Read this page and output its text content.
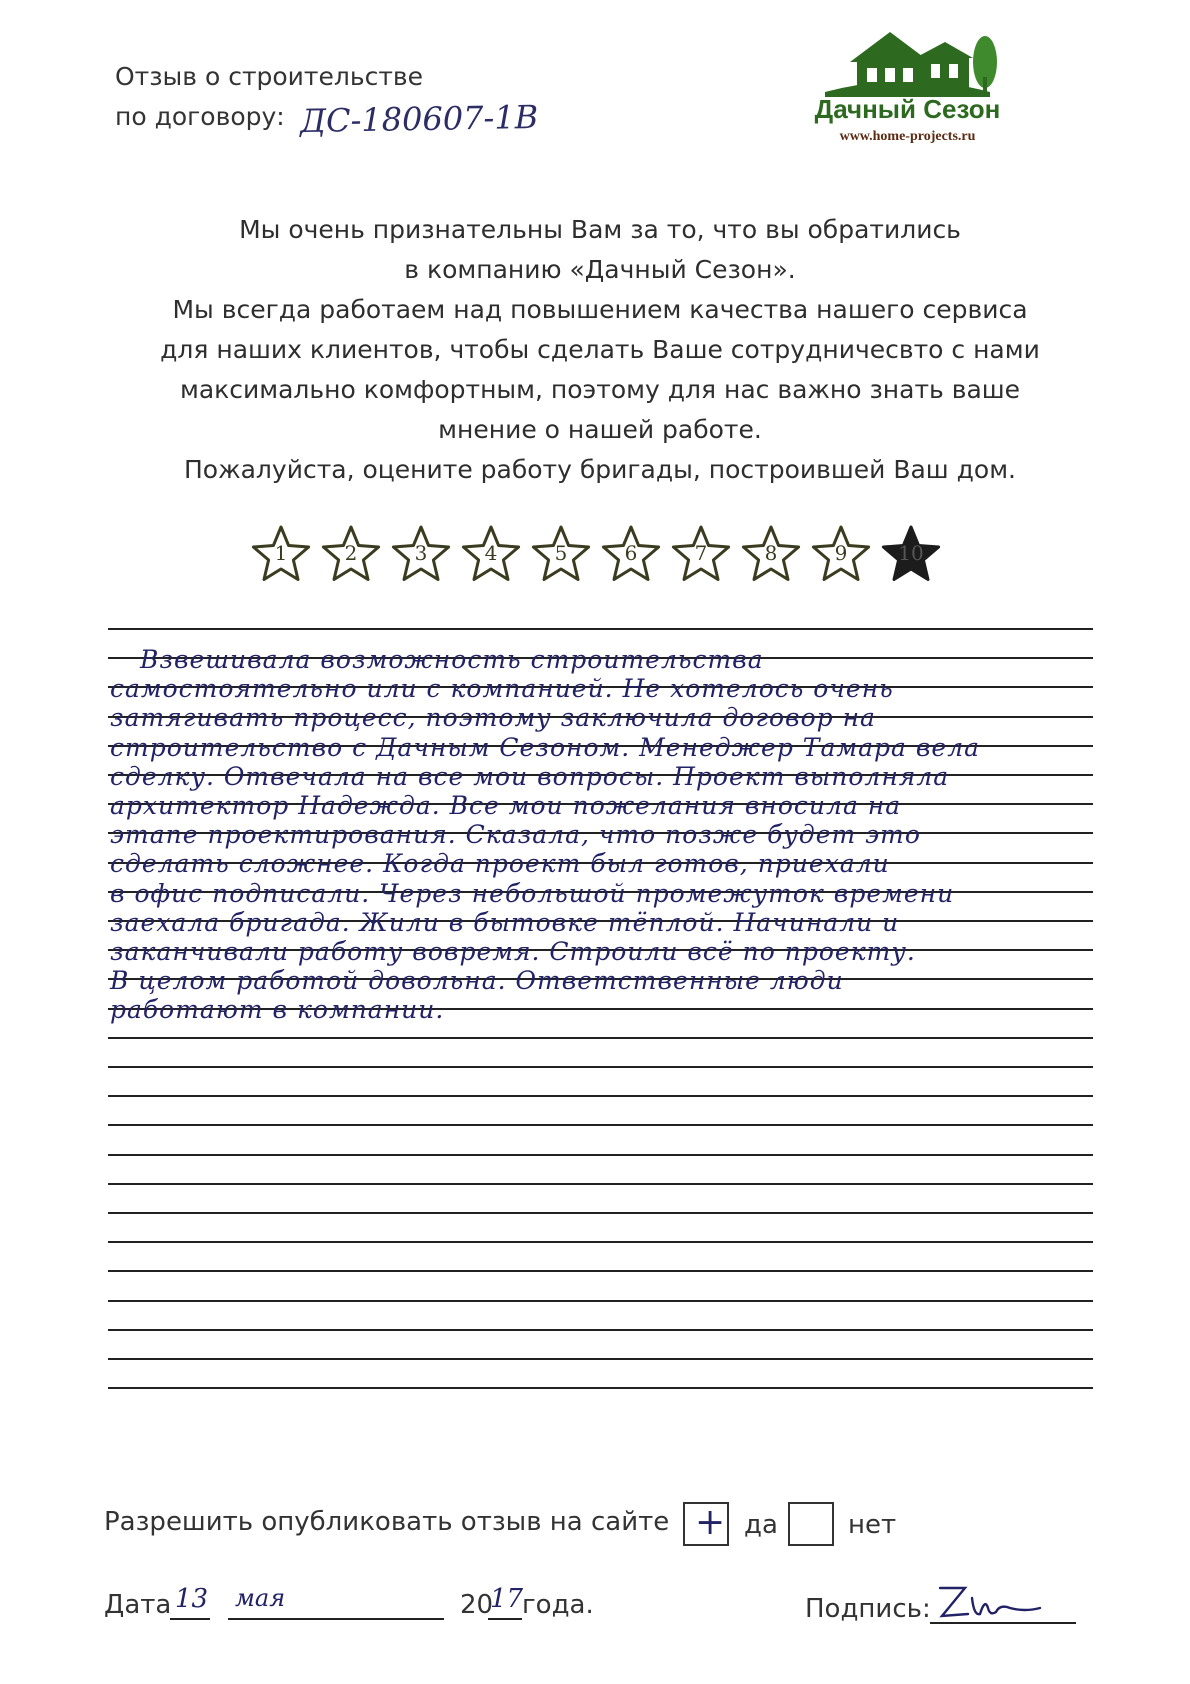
Отзыв о строительстве
по договору: ДС-180607-1В	Дачный Сезон
www.home-projects.ru
Мы очень признательны Вам за то, что вы обратились
в компанию «Дачный Сезон».
Мы всегда работаем над повышением качества нашего сервиса
для наших клиентов, чтобы сделать Ваше сотрудничесвто с нами
максимально комфортным, поэтому для нас важно знать ваше
мнение о нашей работе.
Пожалуйста, оцените работу бригады, построившей Ваш дом.
1	2	3	4	5	6	7	8	9	10
Взвешивала возможность строительства
самостоятельно или с компанией. Не хотелось очень
затягивать процесс, поэтому заключила договор на
строительство с Дачным Сезоном. Менеджер Тамара вела
сделку. Отвечала на все мои вопросы. Проект выполняла
архитектор Надежда. Все мои пожелания вносила на
этапе проектирования. Сказала, что позже будет это
сделать сложнее. Когда проект был готов, приехали
в офис подписали. Через небольшой промежуток времени
заехала бригада. Жили в бытовке тёплой. Начинали и
заканчивали работу вовремя. Строили всё по проекту.
В целом работой довольна. Ответственные люди
работают в компании.
Разрешить опубликовать отзыв на сайте + да	нет
Дата 13 мая	20
17
года.	Подпись:
